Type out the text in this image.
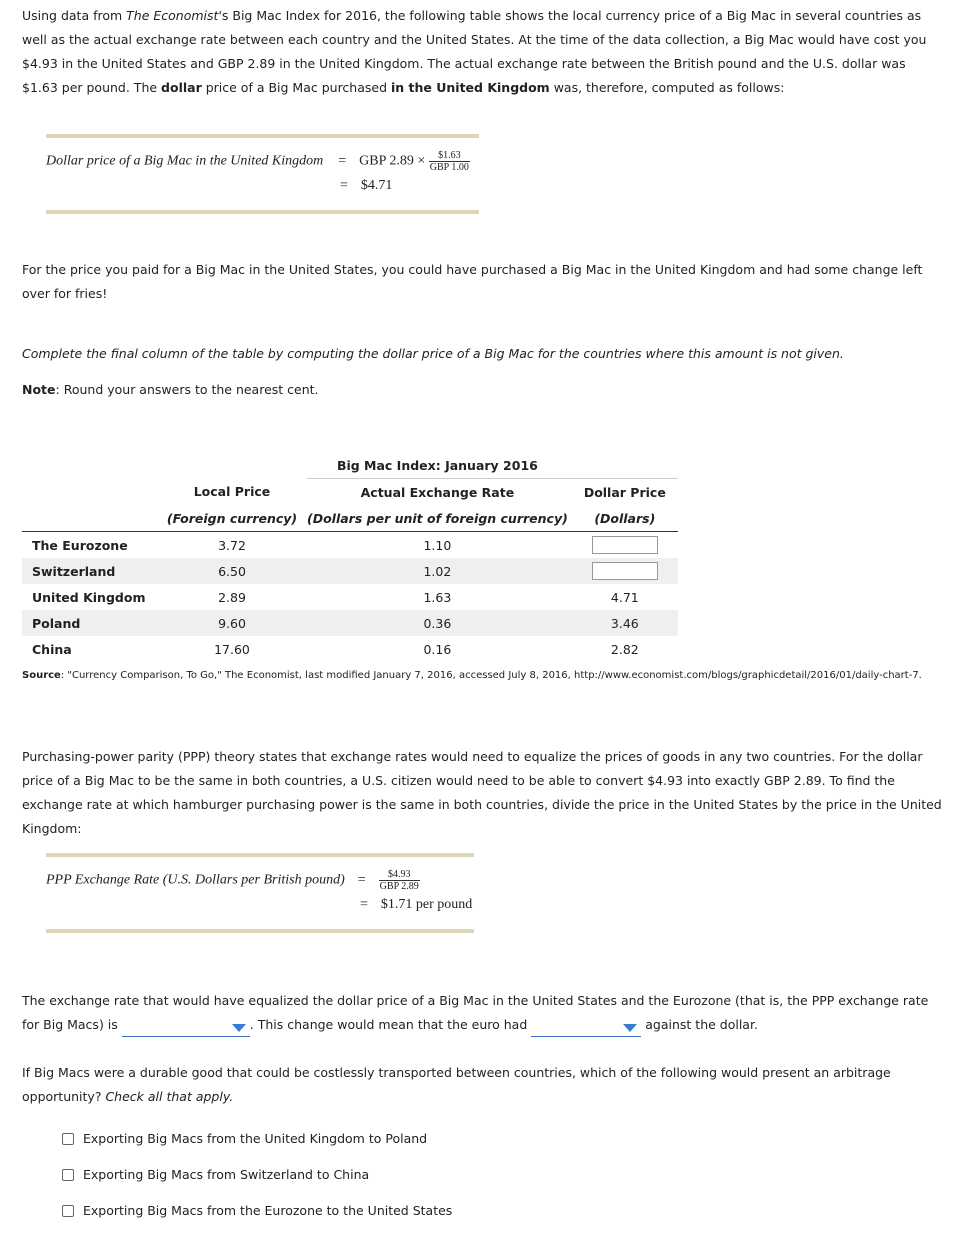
Using data from The Economist's Big Mac Index for 2016, the following table shows the local currency price of a Big Mac in several countries as well as the actual exchange rate between each country and the United States. At the time of the data collection, a Big Mac would have cost you $4.93 in the United States and GBP 2.89 in the United Kingdom. The actual exchange rate between the British pound and the U.S. dollar was $1.63 per pound. The dollar price of a Big Mac purchased in the United Kingdom was, therefore, computed as follows:

Dollar price of a Big Mac in the United Kingdom = GBP $2.89 \times \frac{\$1.63}{\text{GBP 1.00}}$
= $4.71

For the price you paid for a Big Mac in the United States, you could have purchased a Big Mac in the United Kingdom and had some change left over for fries!

Complete the final column of the table by computing the dollar price of a Big Mac for the countries where this amount is not given.

Note: Round your answers to the nearest cent.

		Big Mac Index: January 2016		
	Local Price	Actual Exchange Rate		Dollar Price
	(Foreign currency)	(Dollars per unit of foreign currency)		(Dollars)
The Eurozone	3.72	1.10		
Switzerland	6.50	1.02		
United Kingdom	2.89	1.63		4.71
Poland	9.60	0.36		3.46
China	17.60	0.16		2.82

Source: "Currency Comparison, To Go," The Economist, last modified January 7, 2016, accessed July 8, 2016, http://www.economist.com/blogs/graphicdetail/2016/01/daily-chart-7.

Purchasing-power parity (PPP) theory states that exchange rates would need to equalize the prices of goods in any two countries. For the dollar price of a Big Mac to be the same in both countries, a U.S. citizen would need to be able to convert $4.93 into exactly GBP 2.89. To find the exchange rate at which hamburger purchasing power is the same in both countries, divide the price in the United States by the price in the United Kingdom:

PPP Exchange Rate (U.S. Dollars per British pound) = $\frac{\$4.93}{\text{GBP 2.89}}$
= $1.71 per pound

The exchange rate that would have equalized the dollar price of a Big Mac in the United States and the Eurozone (that is, the PPP exchange rate for Big Macs) is	. This change would mean that the euro had	against the dollar.

If Big Macs were a durable good that could be costlessly transported between countries, which of the following would present an arbitrage opportunity? Check all that apply.

Exporting Big Macs from the United Kingdom to Poland
Exporting Big Macs from Switzerland to China
Exporting Big Macs from the Eurozone to the United States
